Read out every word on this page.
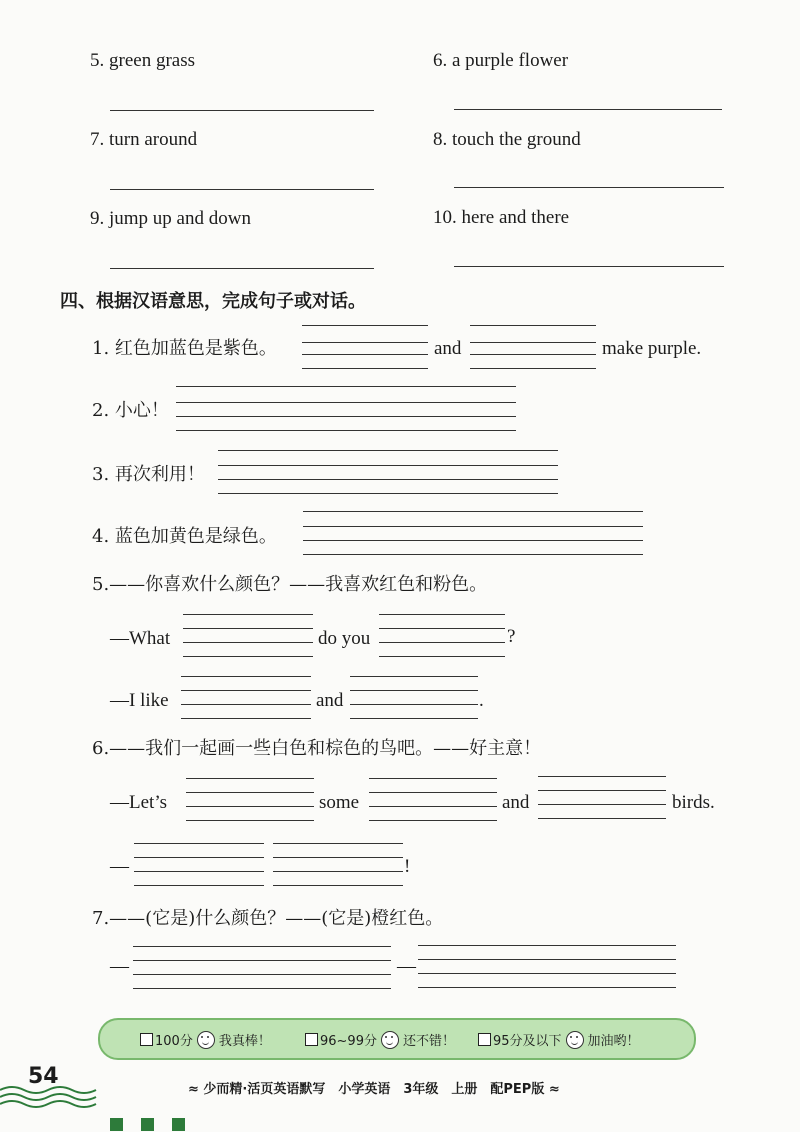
5. green grass	6. a purple flower
7. turn around	8. touch the ground
9. jump up and down	10. here and there
四、根据汉语意思，完成句子或对话。
1. 红色加蓝色是紫色。	and	make purple.
2. 小心！
3. 再次利用！
4. 蓝色加黄色是绿色。
5.——你喜欢什么颜色？——我喜欢红色和粉色。
—What	do you	?
—I like	and	.
6.——我们一起画一些白色和棕色的鸟吧。——好主意！
—Let’s	some	and	birds.
—	!
7.——(它是)什么颜色？——(它是)橙红色。
—	—
100分 我真棒！	96~99分 还不错！	95分及以下 加油哟！
54
≈ 少而精·活页英语默写　小学英语　3年级　上册　配PEP版 ≈
